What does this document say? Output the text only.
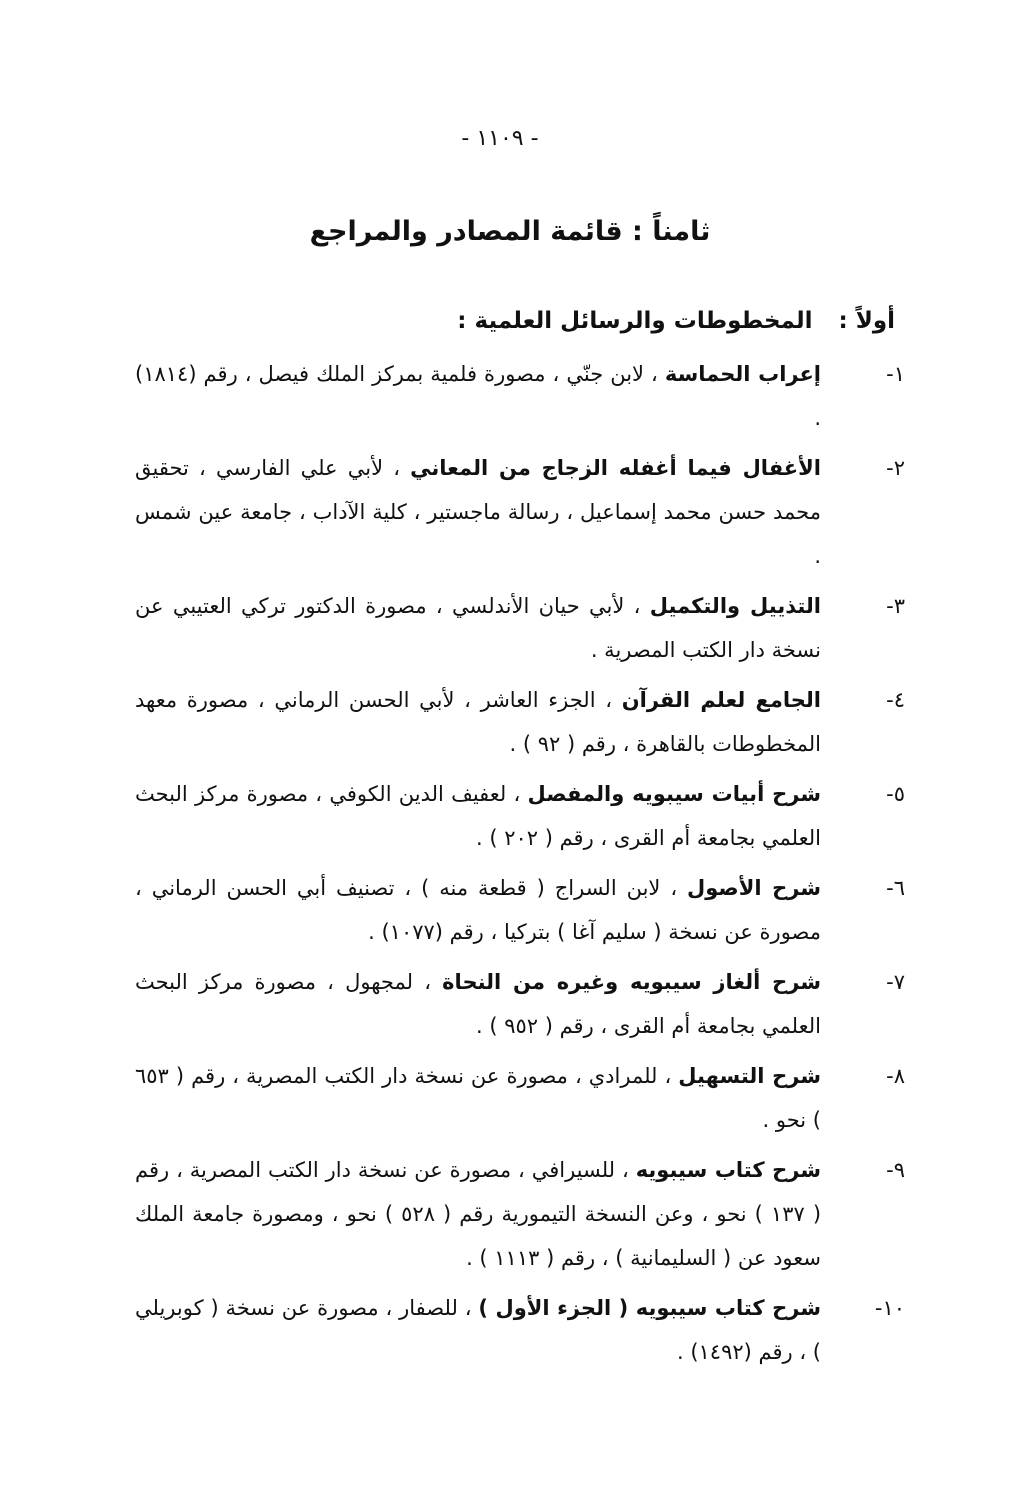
- ١١٠٩ -
ثامناً : قائمة المصادر والمراجع
أولاً : المخطوطات والرسائل العلمية :
١-
إعراب الحماسة ، لابن جنّي ، مصورة فلمية بمركز الملك فيصل ، رقم (١٨١٤) .
٢-
الأغفال فيما أغفله الزجاج من المعاني ، لأبي علي الفارسي ، تحقيق محمد حسن محمد إسماعيل ، رسالة ماجستير ، كلية الآداب ، جامعة عين شمس .
٣-
التذييل والتكميل ، لأبي حيان الأندلسي ، مصورة الدكتور تركي العتيبي عن نسخة دار الكتب المصرية .
٤-
الجامع لعلم القرآن ، الجزء العاشر ، لأبي الحسن الرماني ، مصورة معهد المخطوطات بالقاهرة ، رقم ( ٩٢ ) .
٥-
شرح أبيات سيبويه والمفصل ، لعفيف الدين الكوفي ، مصورة مركز البحث العلمي بجامعة أم القرى ، رقم ( ٢٠٢ ) .
٦-
شرح الأصول ، لابن السراج ( قطعة منه ) ، تصنيف أبي الحسن الرماني ، مصورة عن نسخة ( سليم آغا ) بتركيا ، رقم (١٠٧٧) .
٧-
شرح ألغاز سيبويه وغيره من النحاة ، لمجهول ، مصورة مركز البحث العلمي بجامعة أم القرى ، رقم ( ٩٥٢ ) .
٨-
شرح التسهيل ، للمرادي ، مصورة عن نسخة دار الكتب المصرية ، رقم ( ٦٥٣ ) نحو .
٩-
شرح كتاب سيبويه ، للسيرافي ، مصورة عن نسخة دار الكتب المصرية ، رقم ( ١٣٧ ) نحو ، وعن النسخة التيمورية رقم ( ٥٢٨ ) نحو ، ومصورة جامعة الملك سعود عن ( السليمانية ) ، رقم ( ١١١٣ ) .
١٠-
شرح كتاب سيبويه ( الجزء الأول ) ، للصفار ، مصورة عن نسخة ( كوبريلي ) ، رقم (١٤٩٢) .
